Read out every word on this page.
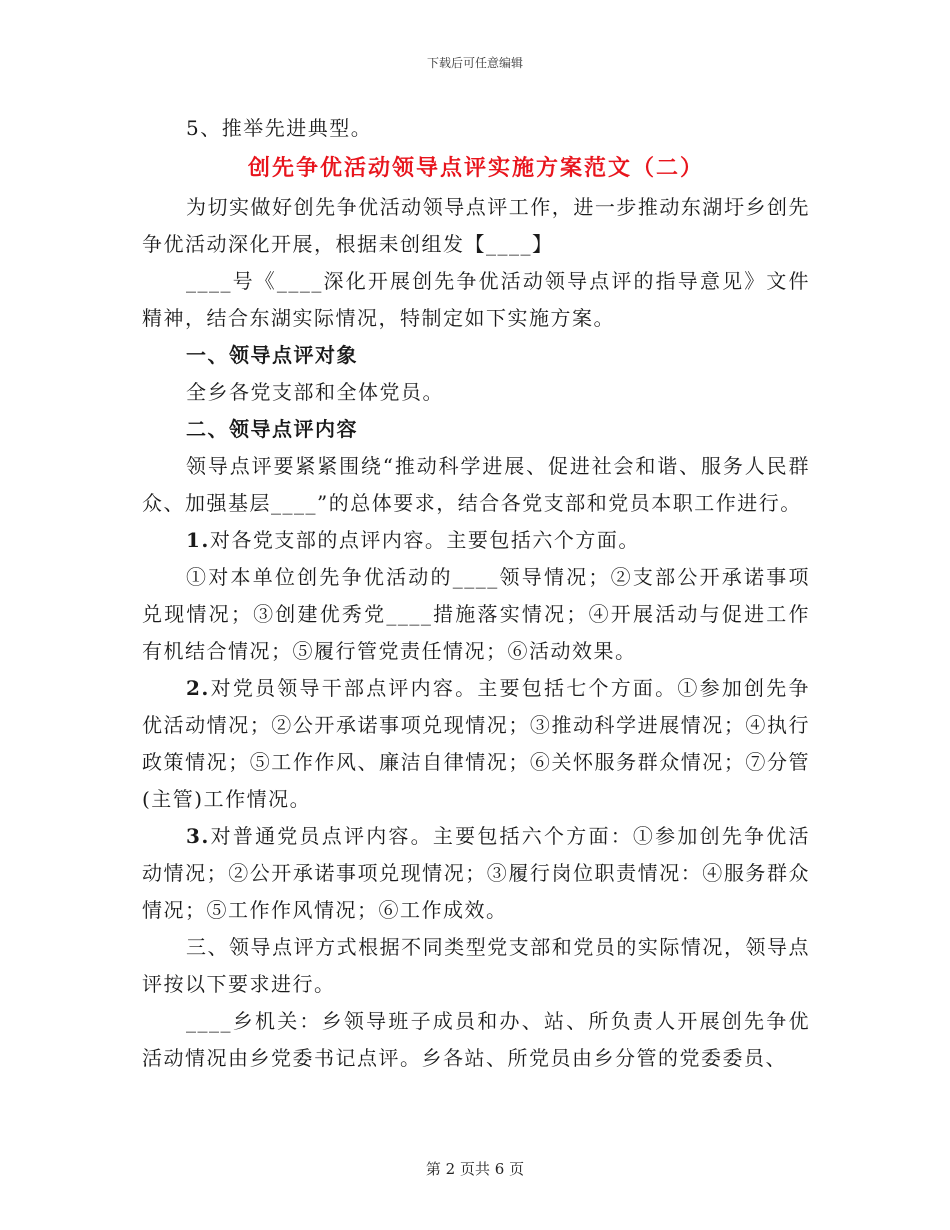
下载后可任意编辑

5、推举先进典型。

创先争优活动领导点评实施方案范文（二）

为切实做好创先争优活动领导点评工作，进一步推动东湖圩乡创先争优活动深化开展，根据耒创组发【____】

____号《____深化开展创先争优活动领导点评的指导意见》文件精神，结合东湖实际情况，特制定如下实施方案。

一、领导点评对象

全乡各党支部和全体党员。

二、领导点评内容

领导点评要紧紧围绕“推动科学进展、促进社会和谐、服务人民群众、加强基层____”的总体要求，结合各党支部和党员本职工作进行。

1.对各党支部的点评内容。主要包括六个方面。

①对本单位创先争优活动的____领导情况；②支部公开承诺事项兑现情况；③创建优秀党____措施落实情况；④开展活动与促进工作有机结合情况；⑤履行管党责任情况；⑥活动效果。

2.对党员领导干部点评内容。主要包括七个方面。①参加创先争优活动情况；②公开承诺事项兑现情况；③推动科学进展情况；④执行政策情况；⑤工作作风、廉洁自律情况；⑥关怀服务群众情况；⑦分管(主管)工作情况。

3.对普通党员点评内容。主要包括六个方面：①参加创先争优活动情况；②公开承诺事项兑现情况；③履行岗位职责情况：④服务群众情况；⑤工作作风情况；⑥工作成效。

三、领导点评方式根据不同类型党支部和党员的实际情况，领导点评按以下要求进行。

____乡机关：乡领导班子成员和办、站、所负责人开展创先争优活动情况由乡党委书记点评。乡各站、所党员由乡分管的党委委员、

第 2 页共 6 页
